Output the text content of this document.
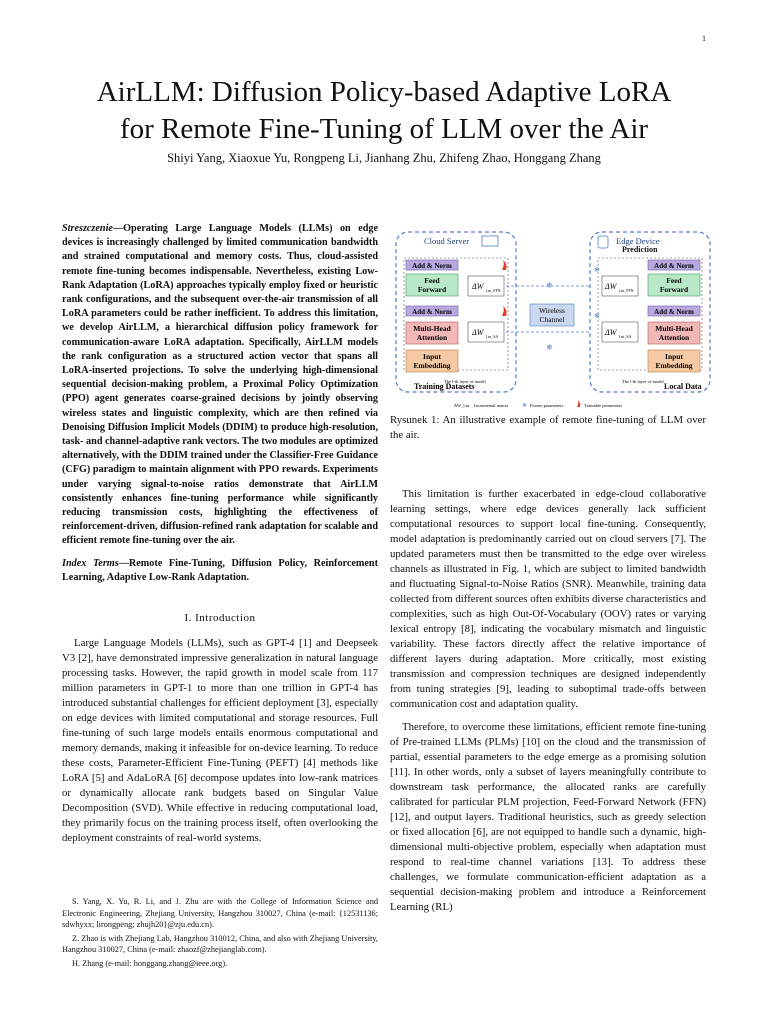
1
AirLLM: Diffusion Policy-based Adaptive LoRA
for Remote Fine-Tuning of LLM over the Air
Shiyi Yang, Xiaoxue Yu, Rongpeng Li, Jianhang Zhu, Zhifeng Zhao, Honggang Zhang

Streszczenie—Operating Large Language Models (LLMs) on edge devices is increasingly challenged by limited communication bandwidth and strained computational and memory costs. Thus, cloud-assisted remote fine-tuning becomes indispensable. Nevertheless, existing Low-Rank Adaptation (LoRA) approaches typically employ fixed or heuristic rank configurations, and the subsequent over-the-air transmission of all LoRA parameters could be rather inefficient. To address this limitation, we develop AirLLM, a hierarchical diffusion policy framework for communication-aware LoRA adaptation. Specifically, AirLLM models the rank configuration as a structured action vector that spans all LoRA-inserted projections. To solve the underlying high-dimensional sequential decision-making problem, a Proximal Policy Optimization (PPO) agent generates coarse-grained decisions by jointly observing wireless states and linguistic complexity, which are then refined via Denoising Diffusion Implicit Models (DDIM) to produce high-resolution, task- and channel-adaptive rank vectors. The two modules are optimized alternatively, with the DDIM trained under the Classifier-Free Guidance (CFG) paradigm to maintain alignment with PPO rewards. Experiments under varying signal-to-noise ratios demonstrate that AirLLM consistently enhances fine-tuning performance while significantly reducing transmission costs, highlighting the effectiveness of reinforcement-driven, diffusion-refined rank adaptation for scalable and efficient remote fine-tuning over the air.

Index Terms—Remote Fine-Tuning, Diffusion Policy, Reinforcement Learning, Adaptive Low-Rank Adaptation.

I. Introduction

Large Language Models (LLMs), such as GPT-4 [1] and Deepseek V3 [2], have demonstrated impressive generalization in natural language processing tasks. However, the rapid growth in model scale from 117 million parameters in GPT-1 to more than one trillion in GPT-4 has introduced substantial challenges for efficient deployment [3], especially on edge devices with limited computational and storage resources. Full fine-tuning of such large models entails enormous computational and memory demands, making it infeasible for on-device learning. To reduce these costs, Parameter-Efficient Fine-Tuning (PEFT) [4] methods like LoRA [5] and AdaLoRA [6] decompose updates into low-rank matrices or dynamically allocate rank budgets based on Singular Value Decomposition (SVD). While effective in reducing computational load, they primarily focus on the training process itself, often overlooking the deployment constraints of real-world systems.

S. Yang, X. Yu, R. Li, and J. Zhu are with the College of Information Science and Electronic Engineering, Zhejiang University, Hangzhou 310027, China (e-mail: {12531136; sdwhyxx; lirongpeng; zhujh20}@zju.edu.cn).

Z. Zhao is with Zhejiang Lab, Hangzhou 310012, China, and also with Zhejiang University, Hangzhou 310027, China (e-mail: zhaozf@zhejianglab.com).

H. Zhang (e-mail: honggang.zhang@ieee.org).

Cloud Server	Edge Device
Prediction
Add & Norm
Feed
Forward
Add & Norm
Multi-Head
Attention
Input
Embedding
ΔW l,m_FFN
ΔW l,m_SA
Training Datasets
The l-th layer of model
Wireless
Channel
❄
❄
Add & Norm
Feed
Forward
Add & Norm
Multi-Head
Attention
Input
Embedding
ΔW l,m_FFN
ΔW l,m_SA
❄
❄
Local Data
The l-th layer of model
ΔW_l,m Incremental matrix ❄ Frozen parameters	Trainable parameters
Rysunek 1: An illustrative example of remote fine-tuning of LLM over the air.

This limitation is further exacerbated in edge-cloud collaborative learning settings, where edge devices generally lack sufficient computational resources to support local fine-tuning. Consequently, model adaptation is predominantly carried out on cloud servers [7]. The updated parameters must then be transmitted to the edge over wireless channels as illustrated in Fig. 1, which are subject to limited bandwidth and fluctuating Signal-to-Noise Ratios (SNR). Meanwhile, training data collected from different sources often exhibits diverse characteristics and complexities, such as high Out-Of-Vocabulary (OOV) rates or varying lexical entropy [8], indicating the vocabulary mismatch and linguistic variability. These factors directly affect the relative importance of different layers during adaptation. More critically, most existing transmission and compression techniques are designed independently from tuning strategies [9], leading to suboptimal trade-offs between communication cost and adaptation quality.

Therefore, to overcome these limitations, efficient remote fine-tuning of Pre-trained LLMs (PLMs) [10] on the cloud and the transmission of partial, essential parameters to the edge emerge as a promising solution [11]. In other words, only a subset of layers meaningfully contribute to downstream task performance, the allocated ranks are carefully calibrated for particular PLM projection, Feed-Forward Network (FFN) [12], and output layers. Traditional heuristics, such as greedy selection or fixed allocation [6], are not equipped to handle such a dynamic, high-dimensional multi-objective problem, especially when adaptation must respond to real-time channel variations [13]. To address these challenges, we formulate communication-efficient adaptation as a sequential decision-making problem and introduce a Reinforcement Learning (RL)
